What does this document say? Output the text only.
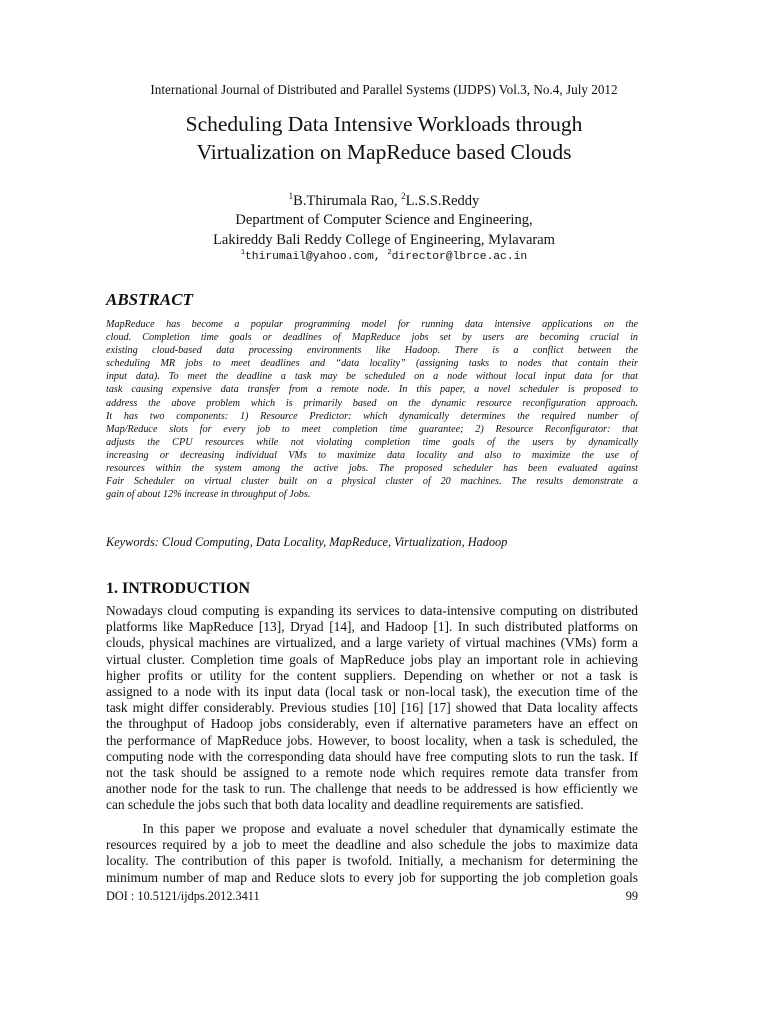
International Journal of Distributed and Parallel Systems (IJDPS) Vol.3, No.4, July 2012
Scheduling Data Intensive Workloads through
Virtualization on MapReduce based Clouds
$^1$B.Thirumala Rao, $^2$L.S.S.Reddy
Department of Computer Science and Engineering,
Lakireddy Bali Reddy College of Engineering, Mylavaram
$^1$thirumail@yahoo.com, $^2$director@lbrce.ac.in
ABSTRACT
MapReduce has become a popular programming model for running data intensive applications on the
cloud. Completion time goals or deadlines of MapReduce jobs set by users are becoming crucial in
existing cloud-based data processing environments like Hadoop. There is a conflict between the
scheduling MR jobs to meet deadlines and “data locality” (assigning tasks to nodes that contain their
input data). To meet the deadline a task may be scheduled on a node without local input data for that
task causing expensive data transfer from a remote node. In this paper, a novel scheduler is proposed to
address the above problem which is primarily based on the dynamic resource reconfiguration approach.
It has two components: 1) Resource Predictor: which dynamically determines the required number of
Map/Reduce slots for every job to meet completion time guarantee; 2) Resource Reconfigurator: that
adjusts the CPU resources while not violating completion time goals of the users by dynamically
increasing or decreasing individual VMs to maximize data locality and also to maximize the use of
resources within the system among the active jobs. The proposed scheduler has been evaluated against
Fair Scheduler on virtual cluster built on a physical cluster of 20 machines. The results demonstrate a
gain of about 12% increase in throughput of Jobs.
Keywords: Cloud Computing, Data Locality, MapReduce, Virtualization, Hadoop
1. INTRODUCTION
Nowadays cloud computing is expanding its services to data-intensive computing on distributed
platforms like MapReduce [13], Dryad [14], and Hadoop [1]. In such distributed platforms on
clouds, physical machines are virtualized, and a large variety of virtual machines (VMs) form a
virtual cluster. Completion time goals of MapReduce jobs play an important role in achieving
higher profits or utility for the content suppliers. Depending on whether or not a task is
assigned to a node with its input data (local task or non-local task), the execution time of the
task might differ considerably. Previous studies [10] [16] [17] showed that Data locality affects
the throughput of Hadoop jobs considerably, even if alternative parameters have an effect on
the performance of MapReduce jobs. However, to boost locality, when a task is scheduled, the
computing node with the corresponding data should have free computing slots to run the task. If
not the task should be assigned to a remote node which requires remote data transfer from
another node for the task to run. The challenge that needs to be addressed is how efficiently we
can schedule the jobs such that both data locality and deadline requirements are satisfied.
In this paper we propose and evaluate a novel scheduler that dynamically estimate the
resources required by a job to meet the deadline and also schedule the jobs to maximize data
locality. The contribution of this paper is twofold. Initially, a mechanism for determining the
minimum number of map and Reduce slots to every job for supporting the job completion goals
DOI : 10.5121/ijdps.2012.3411	99
